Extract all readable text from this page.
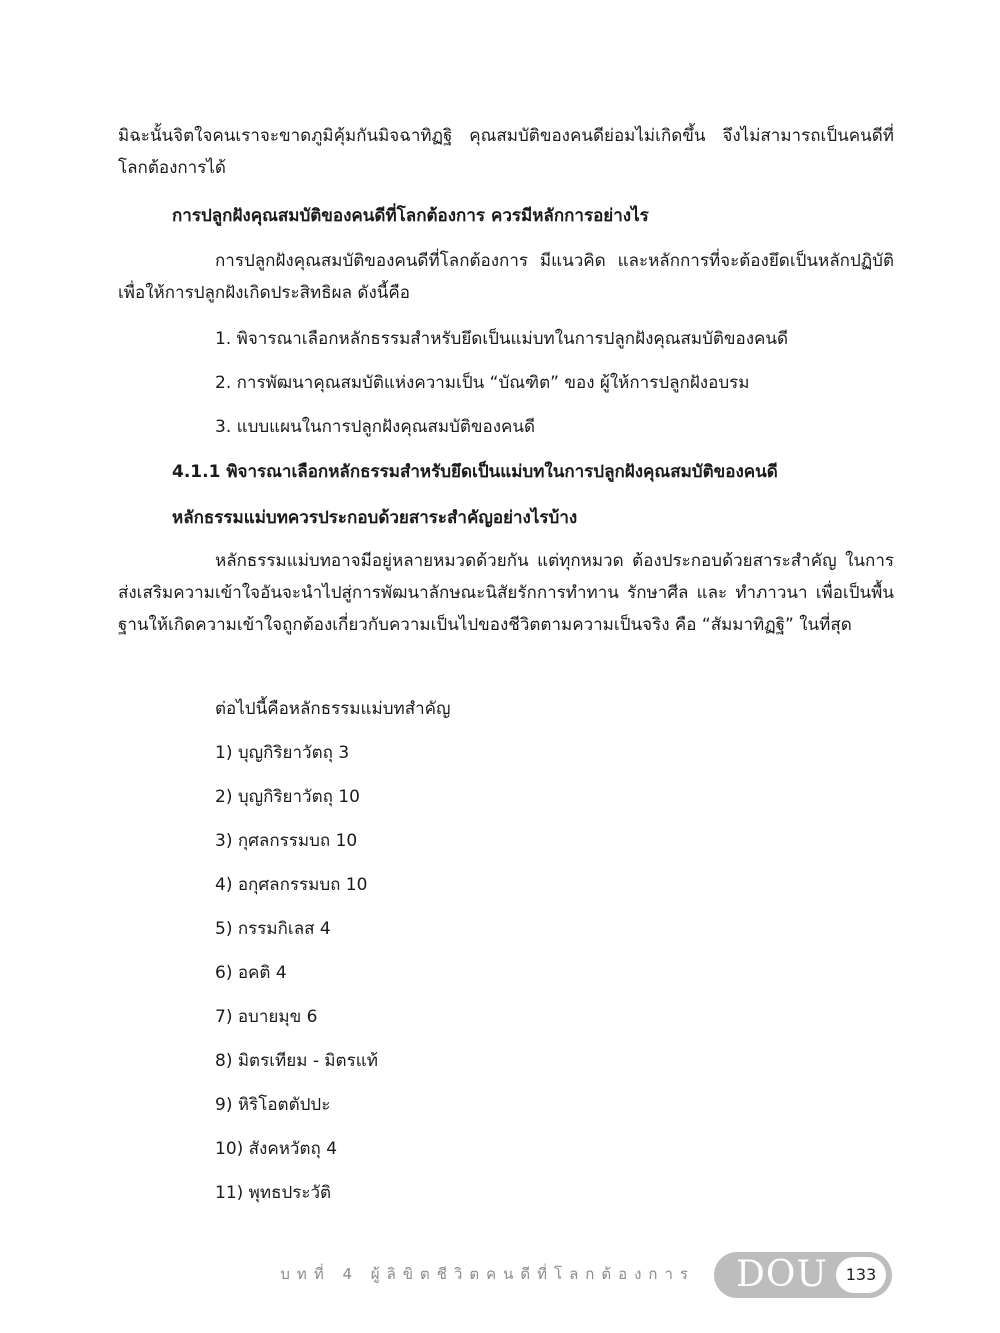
มิฉะนั้นจิตใจคนเราจะขาดภูมิคุ้มกันมิจฉาทิฏฐิ คุณสมบัติของคนดีย่อมไม่เกิดขึ้น จึงไม่สามารถเป็นคนดีที่โลกต้องการได้
การปลูกฝังคุณสมบัติของคนดีที่โลกต้องการ ควรมีหลักการอย่างไร
การปลูกฝังคุณสมบัติของคนดีที่โลกต้องการ มีแนวคิด และหลักการที่จะต้องยึดเป็นหลักปฏิบัติ เพื่อให้การปลูกฝังเกิดประสิทธิผล ดังนี้คือ
1. พิจารณาเลือกหลักธรรมสำหรับยึดเป็นแม่บทในการปลูกฝังคุณสมบัติของคนดี
2. การพัฒนาคุณสมบัติแห่งความเป็น “บัณฑิต” ของ ผู้ให้การปลูกฝังอบรม
3. แบบแผนในการปลูกฝังคุณสมบัติของคนดี
4.1.1 พิจารณาเลือกหลักธรรมสำหรับยึดเป็นแม่บทในการปลูกฝังคุณสมบัติของคนดี
หลักธรรมแม่บทควรประกอบด้วยสาระสำคัญอย่างไรบ้าง
หลักธรรมแม่บทอาจมีอยู่หลายหมวดด้วยกัน แต่ทุกหมวด ต้องประกอบด้วยสาระสำคัญ ในการส่งเสริมความเข้าใจอันจะนำไปสู่การพัฒนาลักษณะนิสัยรักการทำทาน รักษาศีล และ ทำภาวนา เพื่อเป็นพื้นฐานให้เกิดความเข้าใจถูกต้องเกี่ยวกับความเป็นไปของชีวิตตามความเป็นจริง คือ “สัมมาทิฏฐิ” ในที่สุด
ต่อไปนี้คือหลักธรรมแม่บทสำคัญ
1) บุญกิริยาวัตถุ 3
2) บุญกิริยาวัตถุ 10
3) กุศลกรรมบถ 10
4) อกุศลกรรมบถ 10
5) กรรมกิเลส 4
6) อคติ 4
7) อบายมุข 6
8) มิตรเทียม - มิตรแท้
9) หิริโอตตัปปะ
10) สังคหวัตถุ 4
11) พุทธประวัติ
บทที่ 4 ผู้ลิขิตชีวิตคนดีที่โลกต้องการ DOU	133
